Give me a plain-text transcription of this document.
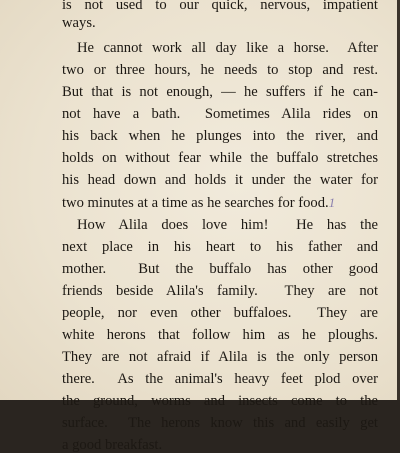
is not used to our quick, nervous, impatient
ways.
He cannot work all day like a horse.  After
two or three hours, he needs to stop and rest.
But that is not enough, — he suffers if he can-
not have a bath.  Sometimes Alila rides on
his back when he plunges into the river, and
holds on without fear while the buffalo stretches
his head down and holds it under the water for
two minutes at a time as he searches for food.1
How Alila does love him!  He has the
next place in his heart to his father and
mother.  But the buffalo has other good
friends beside Alila's family.  They are not
people, nor even other buffaloes.  They are
white herons that follow him as he ploughs.
They are not afraid if Alila is the only person
there.  As the animal's heavy feet plod over
the ground, worms and insects come to the
surface.  The herons know this and easily get
a good breakfast.
